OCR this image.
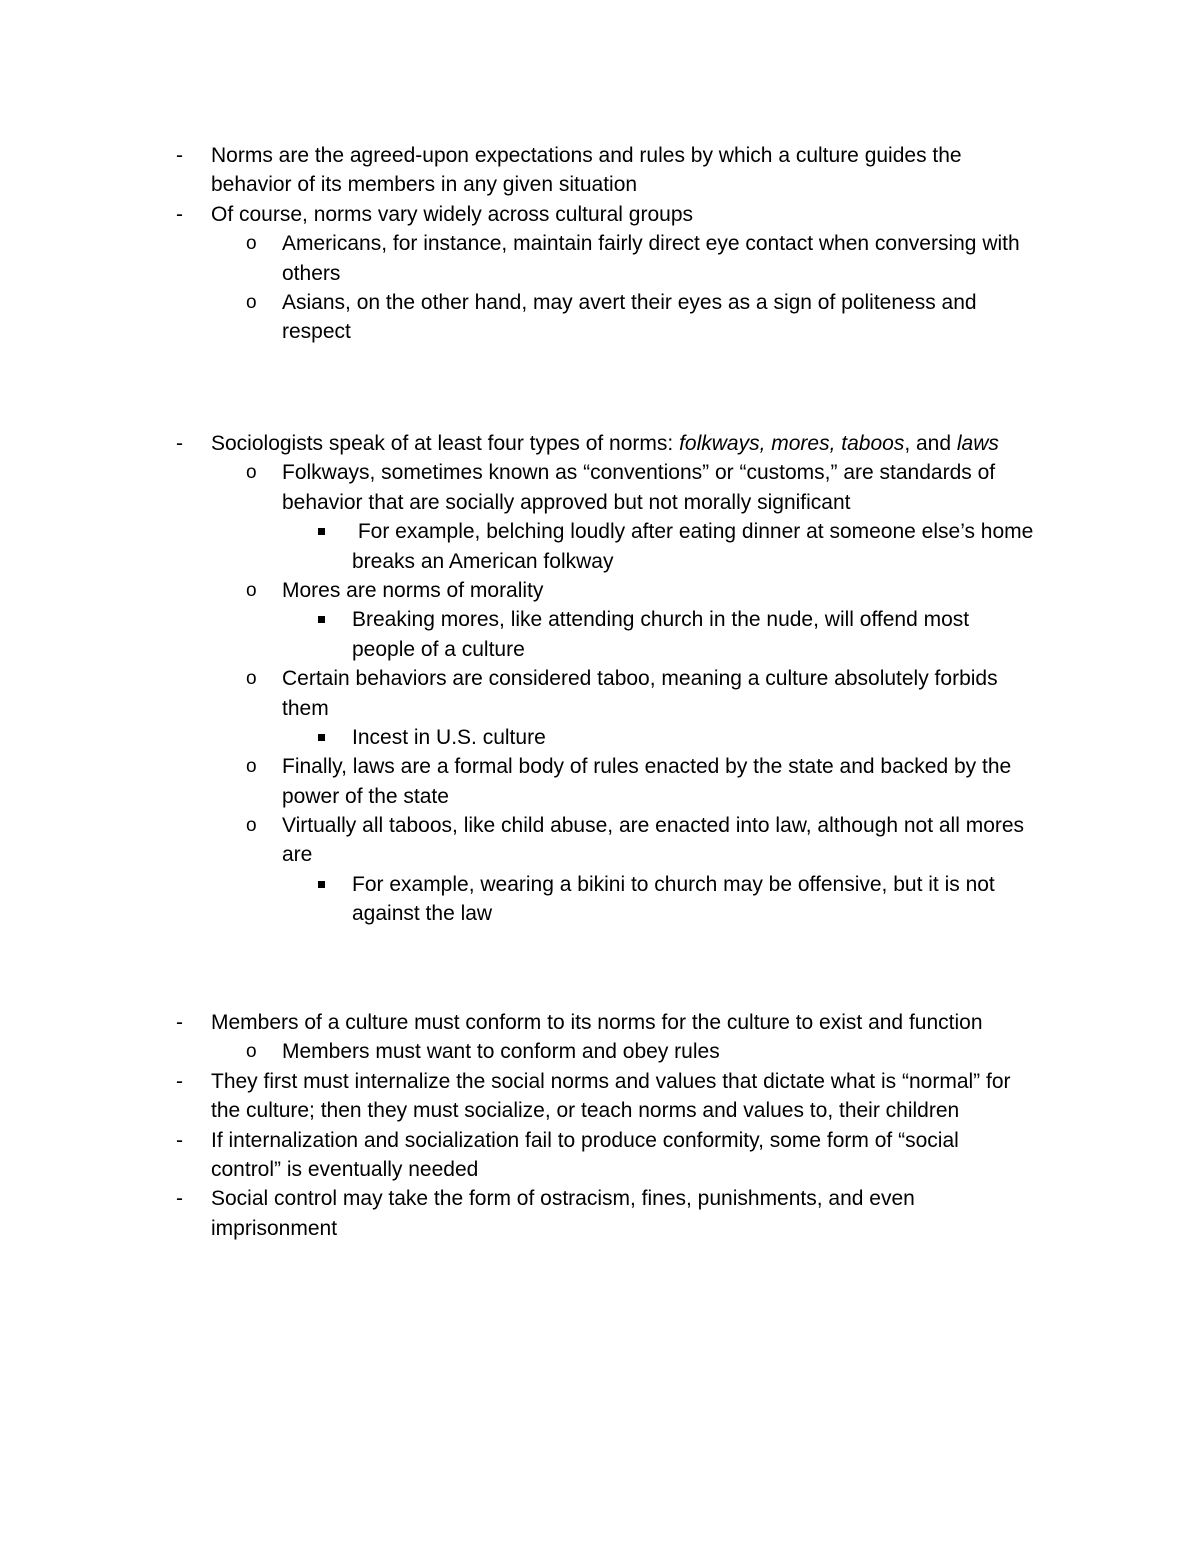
- Norms are the agreed-upon expectations and rules by which a culture guides the
behavior of its members in any given situation
- Of course, norms vary widely across cultural groups
o Americans, for instance, maintain fairly direct eye contact when conversing with
others
o Asians, on the other hand, may avert their eyes as a sign of politeness and
respect
- Sociologists speak of at least four types of norms: folkways, mores, taboos, and laws
o Folkways, sometimes known as “conventions” or “customs,” are standards of
behavior that are socially approved but not morally significant
For example, belching loudly after eating dinner at someone else’s home
breaks an American folkway
o Mores are norms of morality
Breaking mores, like attending church in the nude, will offend most
people of a culture
o Certain behaviors are considered taboo, meaning a culture absolutely forbids
them
Incest in U.S. culture
o Finally, laws are a formal body of rules enacted by the state and backed by the
power of the state
o Virtually all taboos, like child abuse, are enacted into law, although not all mores
are
For example, wearing a bikini to church may be offensive, but it is not
against the law
- Members of a culture must conform to its norms for the culture to exist and function
o Members must want to conform and obey rules
- They first must internalize the social norms and values that dictate what is “normal” for
the culture; then they must socialize, or teach norms and values to, their children
- If internalization and socialization fail to produce conformity, some form of “social
control” is eventually needed
- Social control may take the form of ostracism, fines, punishments, and even
imprisonment
